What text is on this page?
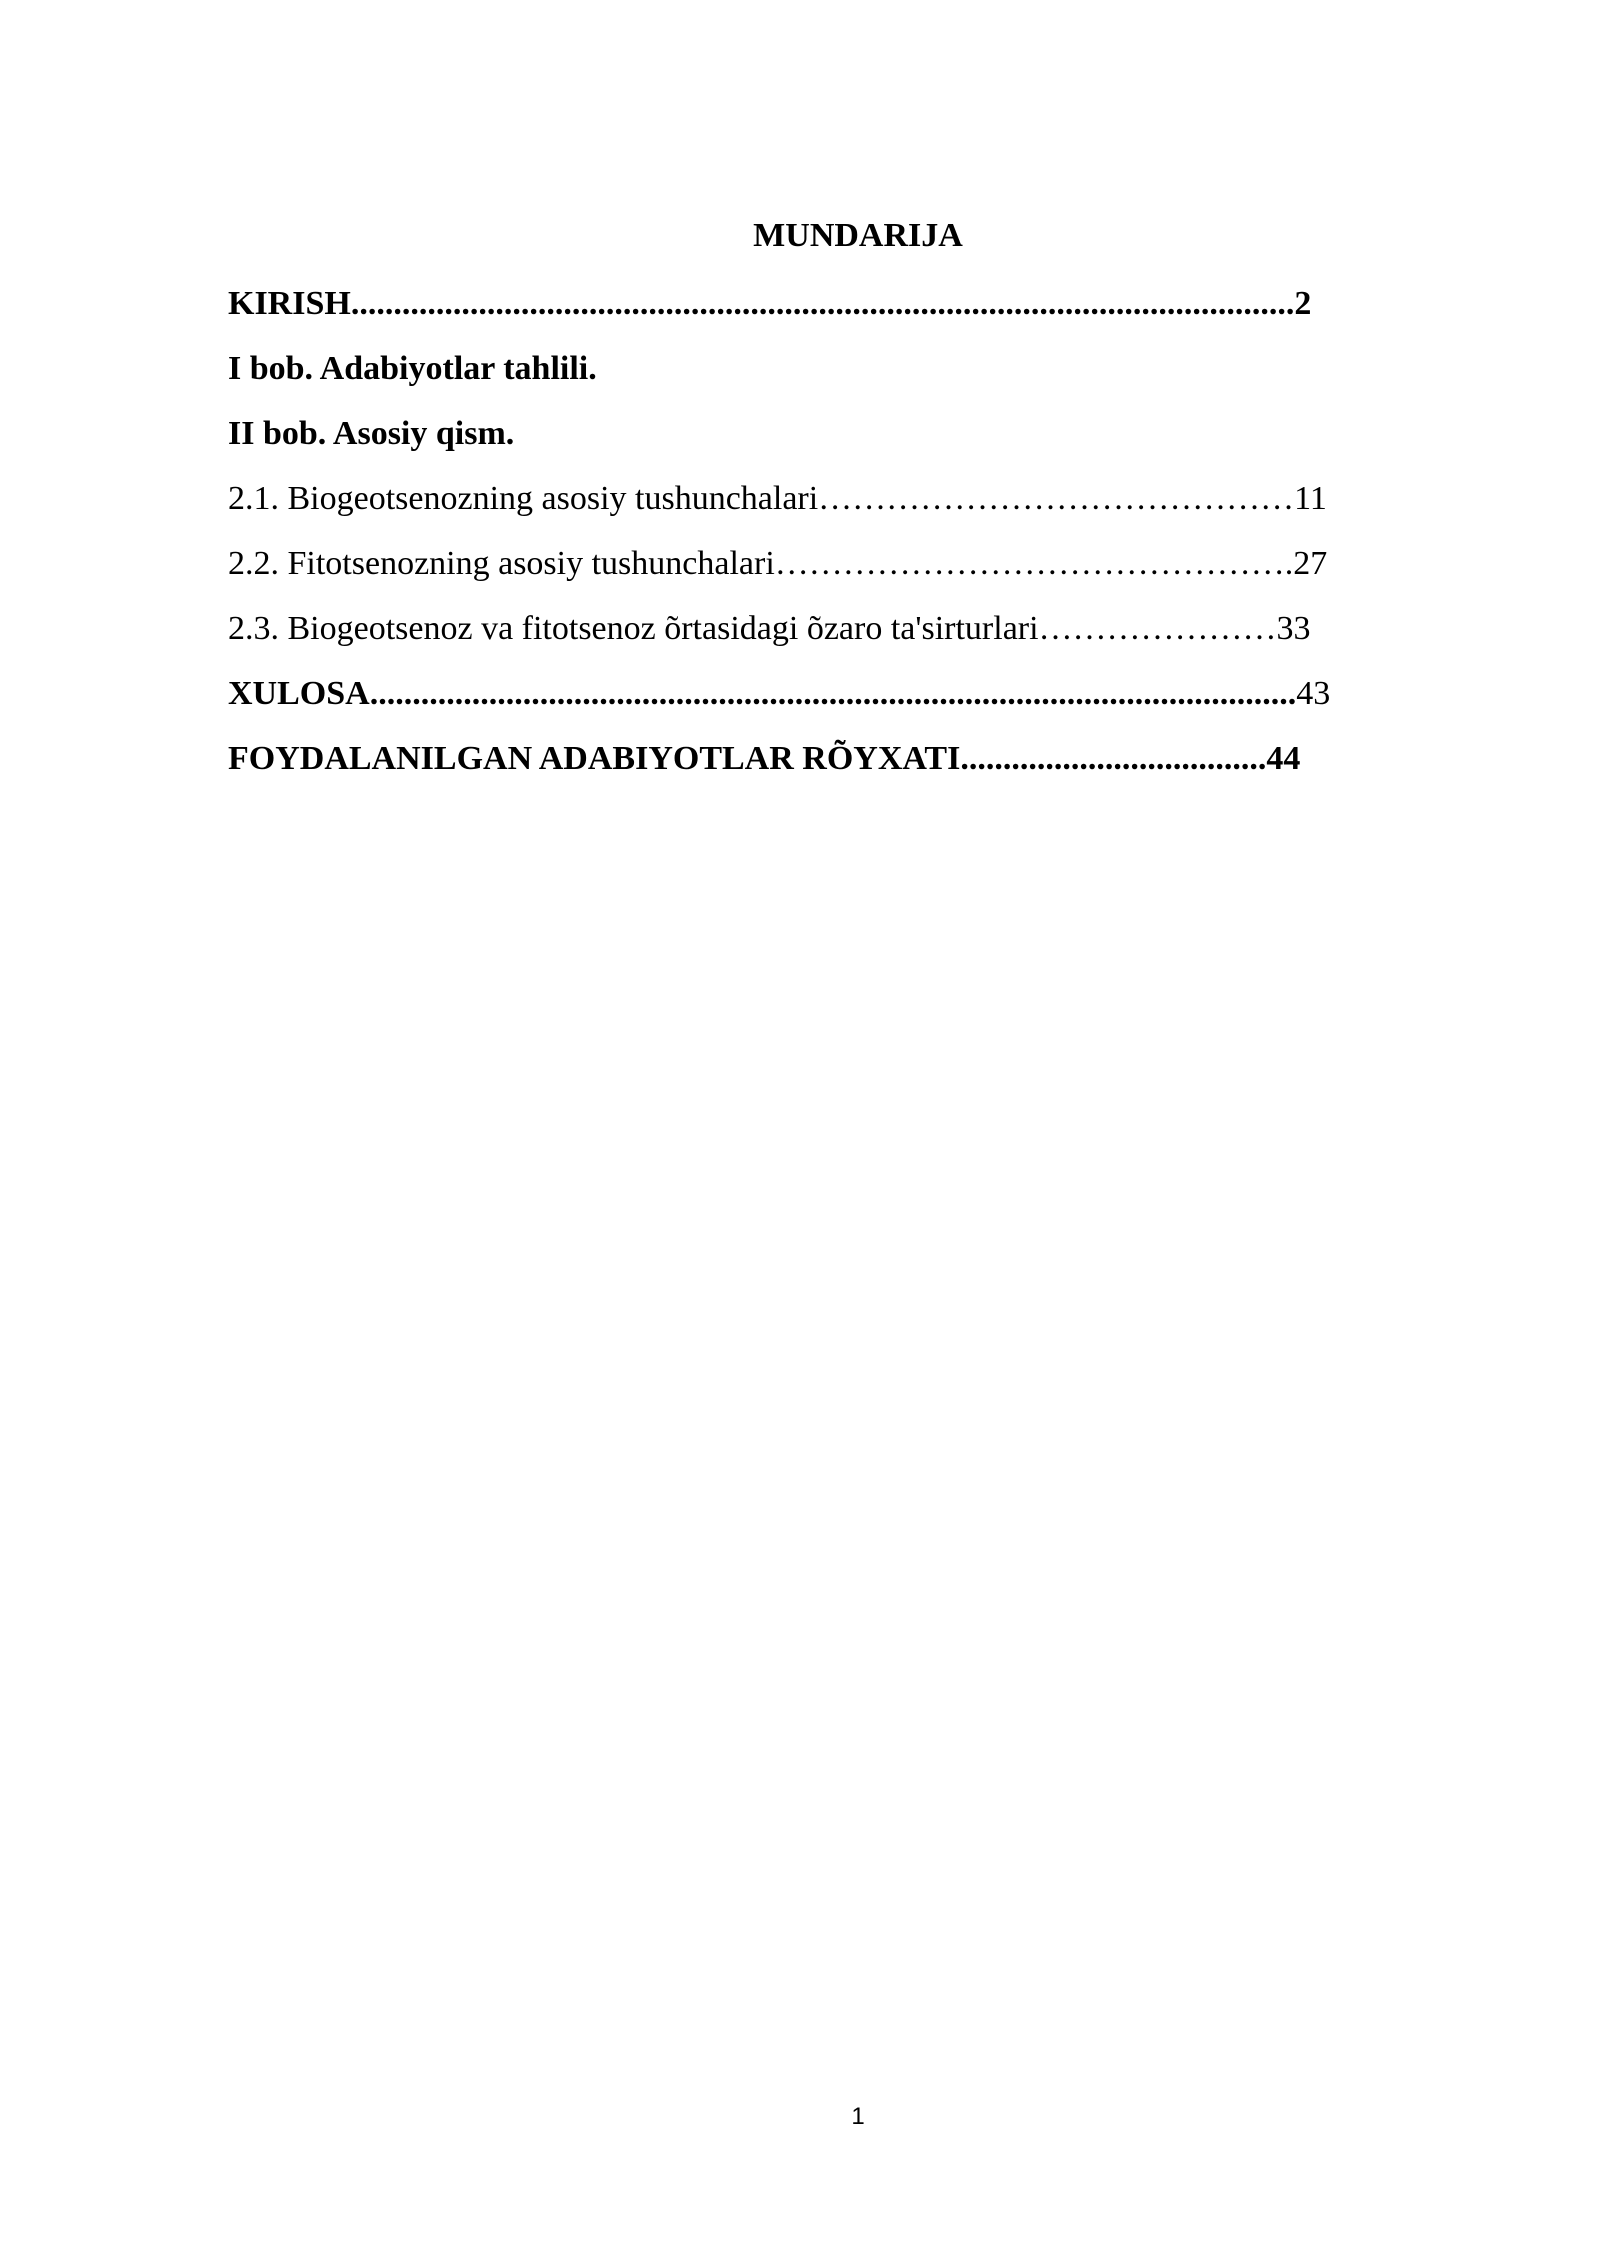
MUNDARIJA
KIRISH...............................................................................................................2
I bob. Adabiyotlar tahlili.
II bob. Asosiy qism.
2.1. Biogeotsenozning asosiy tushunchalari……………………………………11
2.2. Fitotsenozning asosiy tushunchalari……………………………………….27
2.3. Biogeotsenoz va fitotsenoz õrtasidagi õzaro ta'sirturlari…………………33
XULOSA.............................................................................................................43
FOYDALANILGAN ADABIYOTLAR RÕYXATI....................................44
1
